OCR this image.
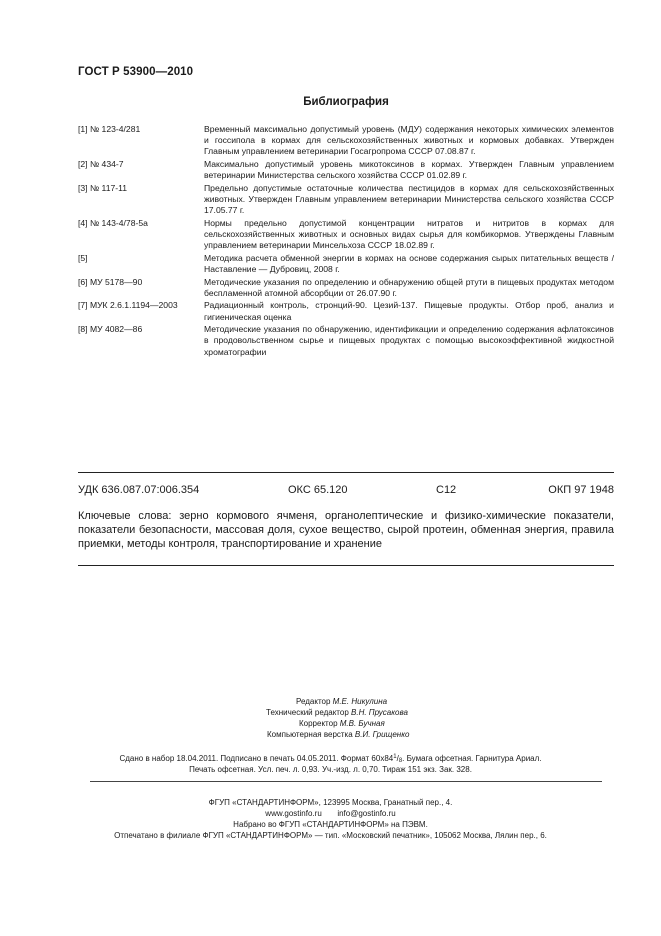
ГОСТ Р 53900—2010
Библиография
[1] № 123-4/281	Временный максимально допустимый уровень (МДУ) содержания некоторых химических элементов и госсипола в кормах для сельскохозяйственных животных и кормовых добавках. Утвержден Главным управлением ветеринарии Госагропрома СССР 07.08.87 г.
[2] № 434-7	Максимально допустимый уровень микотоксинов в кормах. Утвержден Главным управлением ветеринарии Министерства сельского хозяйства СССР 01.02.89 г.
[3] № 117-11	Предельно допустимые остаточные количества пестицидов в кормах для сельскохозяйственных животных. Утвержден Главным управлением ветеринарии Министерства сельского хозяйства СССР 17.05.77 г.
[4] № 143-4/78-5а	Нормы предельно допустимой концентрации нитратов и нитритов в кормах для сельскохозяйственных животных и основных видах сырья для комбикормов. Утверждены Главным управлением ветеринарии Минсельхоза СССР 18.02.89 г.
[5]	Методика расчета обменной энергии в кормах на основе содержания сырых питательных веществ /Наставление — Дубровиц, 2008 г.
[6] МУ 5178—90	Методические указания по определению и обнаружению общей ртути в пищевых продуктах методом беспламенной атомной абсорбции от 26.07.90 г.
[7] МУК 2.6.1.1194—2003	Радиационный контроль, стронций-90. Цезий-137. Пищевые продукты. Отбор проб, анализ и гигиеническая оценка
[8] МУ 4082—86	Методические указания по обнаружению, идентификации и определению содержания афлатоксинов в продовольственном сырье и пищевых продуктах с помощью высокоэффективной жидкостной хроматографии
УДК 636.087.07:006.354	ОКС 65.120	С12	ОКП 97 1948
Ключевые слова: зерно кормового ячменя, органолептические и физико-химические показатели, показатели безопасности, массовая доля, сухое вещество, сырой протеин, обменная энергия, правила приемки, методы контроля, транспортирование и хранение
Редактор М.Е. Никулина
Технический редактор В.Н. Прусакова
Корректор М.В. Бучная
Компьютерная верстка В.И. Грищенко
Сдано в набор 18.04.2011. Подписано в печать 04.05.2011. Формат $60х84^1/_8$. Бумага офсетная. Гарнитура Ариал.
Печать офсетная. Усл. печ. л. 0,93. Уч.-изд. л. 0,70. Тираж 151 экз. Зак. 328.
ФГУП «СТАНДАРТИНФОРМ», 123995 Москва, Гранатный пер., 4.
www.gostinfo.ru info@gostinfo.ru
Набрано во ФГУП «СТАНДАРТИНФОРМ» на ПЭВМ.
Отпечатано в филиале ФГУП «СТАНДАРТИНФОРМ» — тип. «Московский печатник», 105062 Москва, Лялин пер., 6.
